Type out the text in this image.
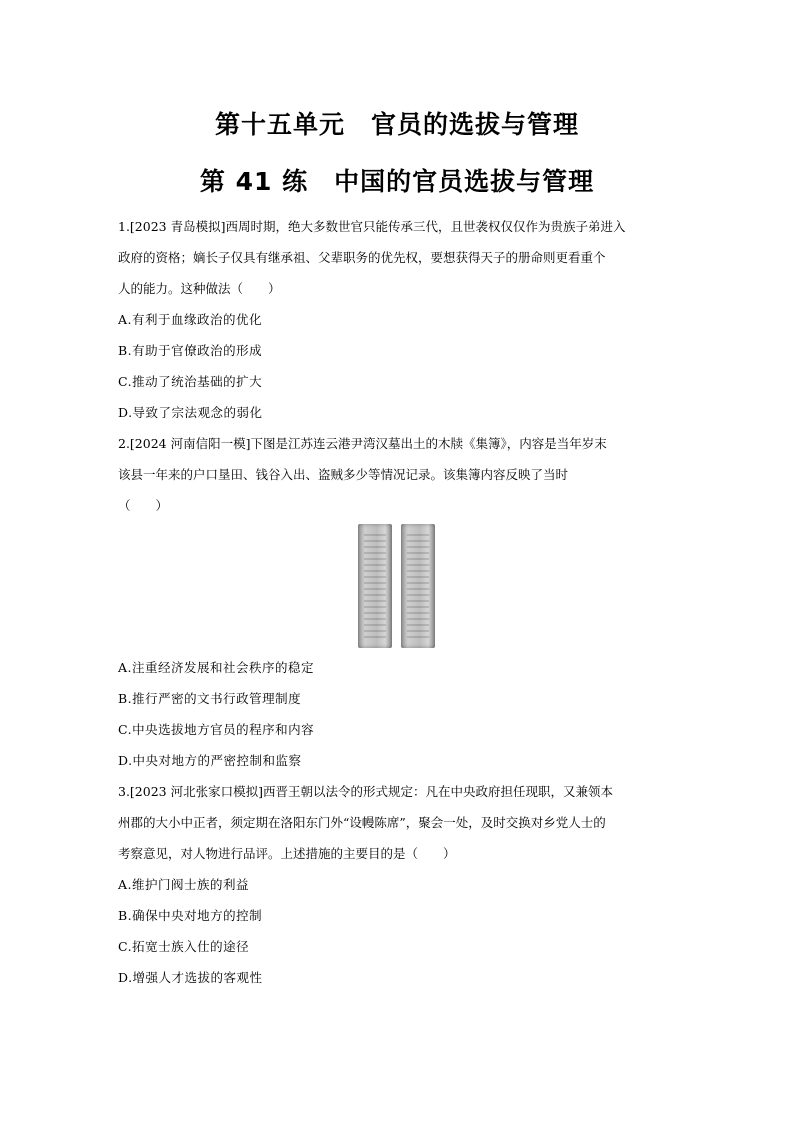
第十五单元　官员的选拔与管理
第 41 练　中国的官员选拔与管理
1.[2023 青岛模拟]西周时期，绝大多数世官只能传承三代，且世袭权仅仅作为贵族子弟进入
政府的资格；嫡长子仅具有继承祖、父辈职务的优先权，要想获得天子的册命则更看重个
人的能力。这种做法（　　）
A.有利于血缘政治的优化
B.有助于官僚政治的形成
C.推动了统治基础的扩大
D.导致了宗法观念的弱化
2.[2024 河南信阳一模]下图是江苏连云港尹湾汉墓出土的木牍《集簿》，内容是当年岁末
该县一年来的户口垦田、钱谷入出、盗贼多少等情况记录。该集簿内容反映了当时
（　　）
A.注重经济发展和社会秩序的稳定
B.推行严密的文书行政管理制度
C.中央选拔地方官员的程序和内容
D.中央对地方的严密控制和监察
3.[2023 河北张家口模拟]西晋王朝以法令的形式规定：凡在中央政府担任现职，又兼领本
州郡的大小中正者，须定期在洛阳东门外“设幔陈席”，聚会一处，及时交换对乡党人士的
考察意见，对人物进行品评。上述措施的主要目的是（　　）
A.维护门阀士族的利益
B.确保中央对地方的控制
C.拓宽士族入仕的途径
D.增强人才选拔的客观性
